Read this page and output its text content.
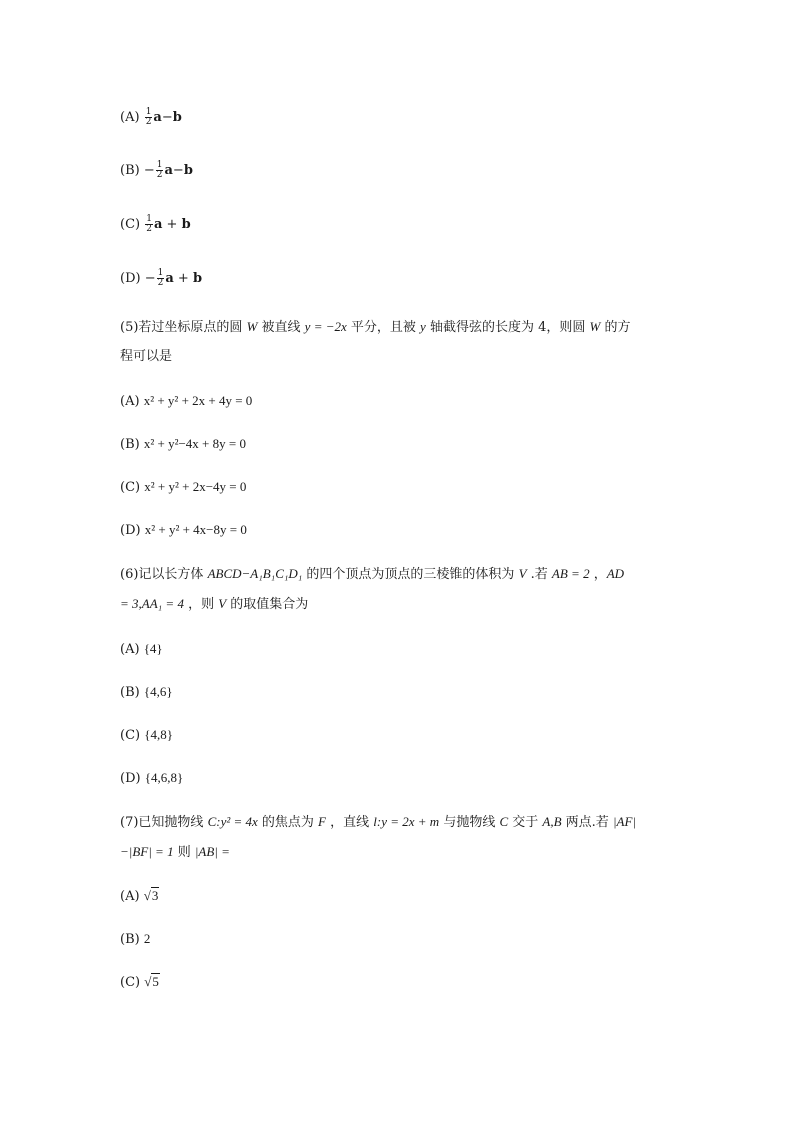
$(A) \frac{1}{2} a-b$
$(B) - \frac{1}{2} a-b$
$(C) \frac{1}{2}$ a + b
$(D) - \frac{1}{2}$ a + b
(5)若过坐标原点的圆 W 被直线 y = −2x 平分，且被 y 轴截得弦的长度为 4，则圆 W 的方
程可以是
(A) x² + y² + 2x + 4y = 0
(B) x² + y²−4x + 8y = 0
(C) x² + y² + 2x−4y = 0
(D) x² + y² + 4x−8y = 0
(6)记以长方体 ABCD−A₁B₁C₁D₁ 的四个顶点为顶点的三棱锥的体积为 V .若 AB = 2 ，AD
= 3,AA₁ = 4 ，则 V 的取值集合为
(A) {4}
(B) {4,6}
(C) {4,8}
(D) {4,6,8}
(7)已知抛物线 C:y² = 4x 的焦点为 F ，直线 l:y = 2x + m 与抛物线 C 交于 A,B 两点.若 |AF|
−|BF| = 1 则 |AB| =
(A) √3
(B) 2
(C) √5
